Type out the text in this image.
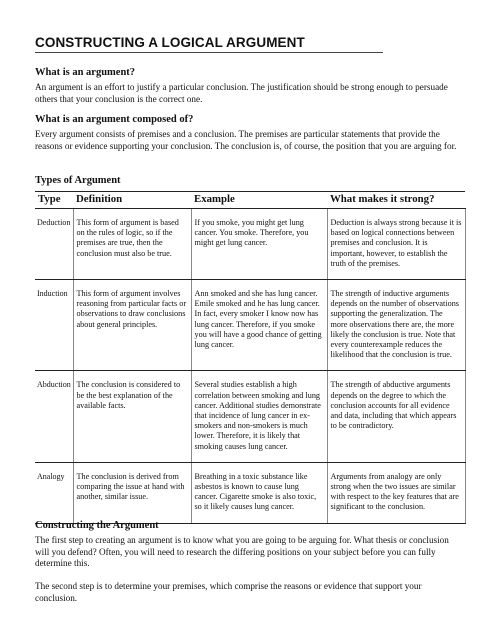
CONSTRUCTING A LOGICAL ARGUMENT
What is an argument?
An argument is an effort to justify a particular conclusion. The justification should be strong enough to persuade others that your conclusion is the correct one.
What is an argument composed of?
Every argument consists of premises and a conclusion. The premises are particular statements that provide the reasons or evidence supporting your conclusion. The conclusion is, of course, the position that you are arguing for.
Types of Argument
Type	Definition	Example	What makes it strong?
Deduction	This form of argument is based on the rules of logic, so if the premises are true, then the conclusion must also be true.	If you smoke, you might get lung cancer. You smoke. Therefore, you might get lung cancer.	Deduction is always strong because it is based on logical connections between premises and conclusion. It is important, however, to establish the truth of the premises.
Induction	This form of argument involves reasoning from particular facts or observations to draw conclusions about general principles.	Ann smoked and she has lung cancer. Emile smoked and he has lung cancer. In fact, every smoker I know now has lung cancer. Therefore, if you smoke you will have a good chance of getting lung cancer.	The strength of inductive arguments depends on the number of observations supporting the generalization. The more observations there are, the more likely the conclusion is true. Note that every counterexample reduces the likelihood that the conclusion is true.
Abduction	The conclusion is considered to be the best explanation of the available facts.	Several studies establish a high correlation between smoking and lung cancer. Additional studies demonstrate that incidence of lung cancer in ex-smokers and non-smokers is much lower. Therefore, it is likely that smoking causes lung cancer.	The strength of abductive arguments depends on the degree to which the conclusion accounts for all evidence and data, including that which appears to be contradictory.
Analogy	The conclusion is derived from comparing the issue at hand with another, similar issue.	Breathing in a toxic substance like asbestos is known to cause lung cancer. Cigarette smoke is also toxic, so it likely causes lung cancer.	Arguments from analogy are only strong when the two issues are similar with respect to the key features that are significant to the conclusion.
Constructing the Argument
The first step to creating an argument is to know what you are going to be arguing for. What thesis or conclusion will you defend? Often, you will need to research the differing positions on your subject before you can fully determine this.
The second step is to determine your premises, which comprise the reasons or evidence that support your conclusion.
